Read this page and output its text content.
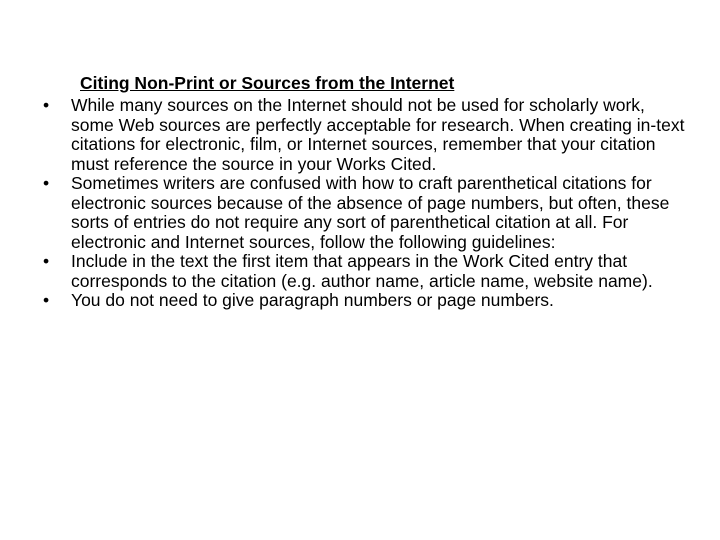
Citing Non-Print or Sources from the Internet
• While many sources on the Internet should not be used for scholarly work, some Web sources are perfectly acceptable for research. When creating in-text citations for electronic, film, or Internet sources, remember that your citation must reference the source in your Works Cited.
• Sometimes writers are confused with how to craft parenthetical citations for electronic sources because of the absence of page numbers, but often, these sorts of entries do not require any sort of parenthetical citation at all. For electronic and Internet sources, follow the following guidelines:
• Include in the text the first item that appears in the Work Cited entry that corresponds to the citation (e.g. author name, article name, website name).
• You do not need to give paragraph numbers or page numbers.
